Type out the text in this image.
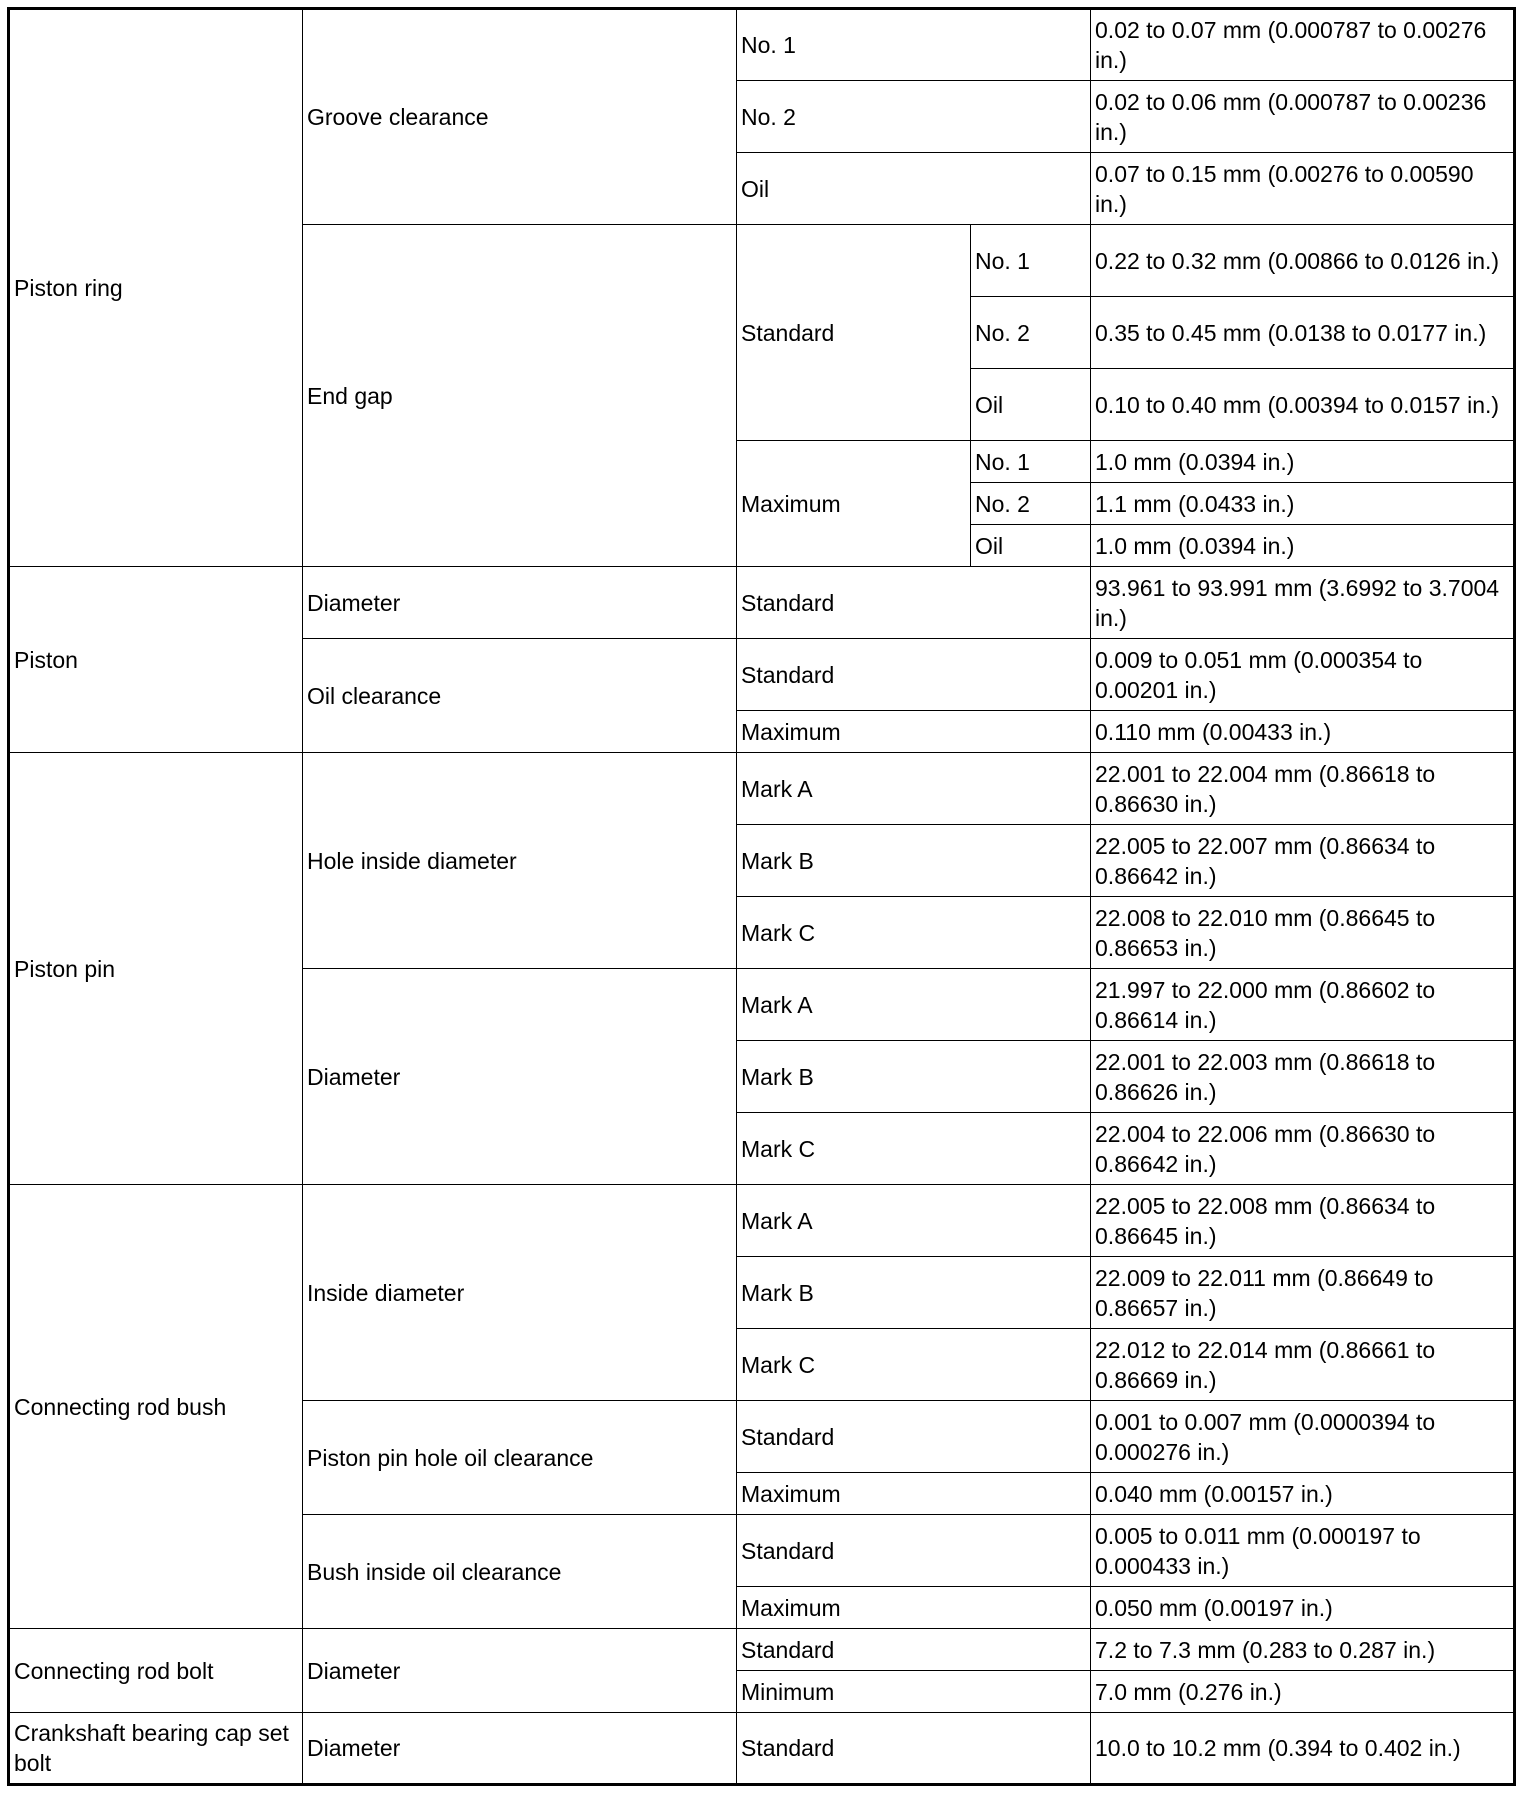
Piston ring	Groove clearance	No. 1		0.02 to 0.07 mm (0.000787 to 0.00276 in.)
		No. 2		0.02 to 0.06 mm (0.000787 to 0.00236 in.)
		Oil		0.07 to 0.15 mm (0.00276 to 0.00590 in.)
	End gap	Standard	No. 1	0.22 to 0.32 mm (0.00866 to 0.0126 in.)
			No. 2	0.35 to 0.45 mm (0.0138 to 0.0177 in.)
			Oil	0.10 to 0.40 mm (0.00394 to 0.0157 in.)
		Maximum	No. 1	1.0 mm (0.0394 in.)
			No. 2	1.1 mm (0.0433 in.)
			Oil	1.0 mm (0.0394 in.)
Piston	Diameter	Standard		93.961 to 93.991 mm (3.6992 to 3.7004 in.)
	Oil clearance	Standard		0.009 to 0.051 mm (0.000354 to 0.00201 in.)
		Maximum		0.110 mm (0.00433 in.)
Piston pin	Hole inside diameter	Mark A		22.001 to 22.004 mm (0.86618 to 0.86630 in.)
		Mark B		22.005 to 22.007 mm (0.86634 to 0.86642 in.)
		Mark C		22.008 to 22.010 mm (0.86645 to 0.86653 in.)
	Diameter	Mark A		21.997 to 22.000 mm (0.86602 to 0.86614 in.)
		Mark B		22.001 to 22.003 mm (0.86618 to 0.86626 in.)
		Mark C		22.004 to 22.006 mm (0.86630 to 0.86642 in.)
Connecting rod bush	Inside diameter	Mark A		22.005 to 22.008 mm (0.86634 to 0.86645 in.)
		Mark B		22.009 to 22.011 mm (0.86649 to 0.86657 in.)
		Mark C		22.012 to 22.014 mm (0.86661 to 0.86669 in.)
	Piston pin hole oil clearance	Standard		0.001 to 0.007 mm (0.0000394 to 0.000276 in.)
		Maximum		0.040 mm (0.00157 in.)
	Bush inside oil clearance	Standard		0.005 to 0.011 mm (0.000197 to 0.000433 in.)
		Maximum		0.050 mm (0.00197 in.)
Connecting rod bolt	Diameter	Standard		7.2 to 7.3 mm (0.283 to 0.287 in.)
		Minimum		7.0 mm (0.276 in.)
Crankshaft bearing cap set bolt	Diameter	Standard		10.0 to 10.2 mm (0.394 to 0.402 in.)
